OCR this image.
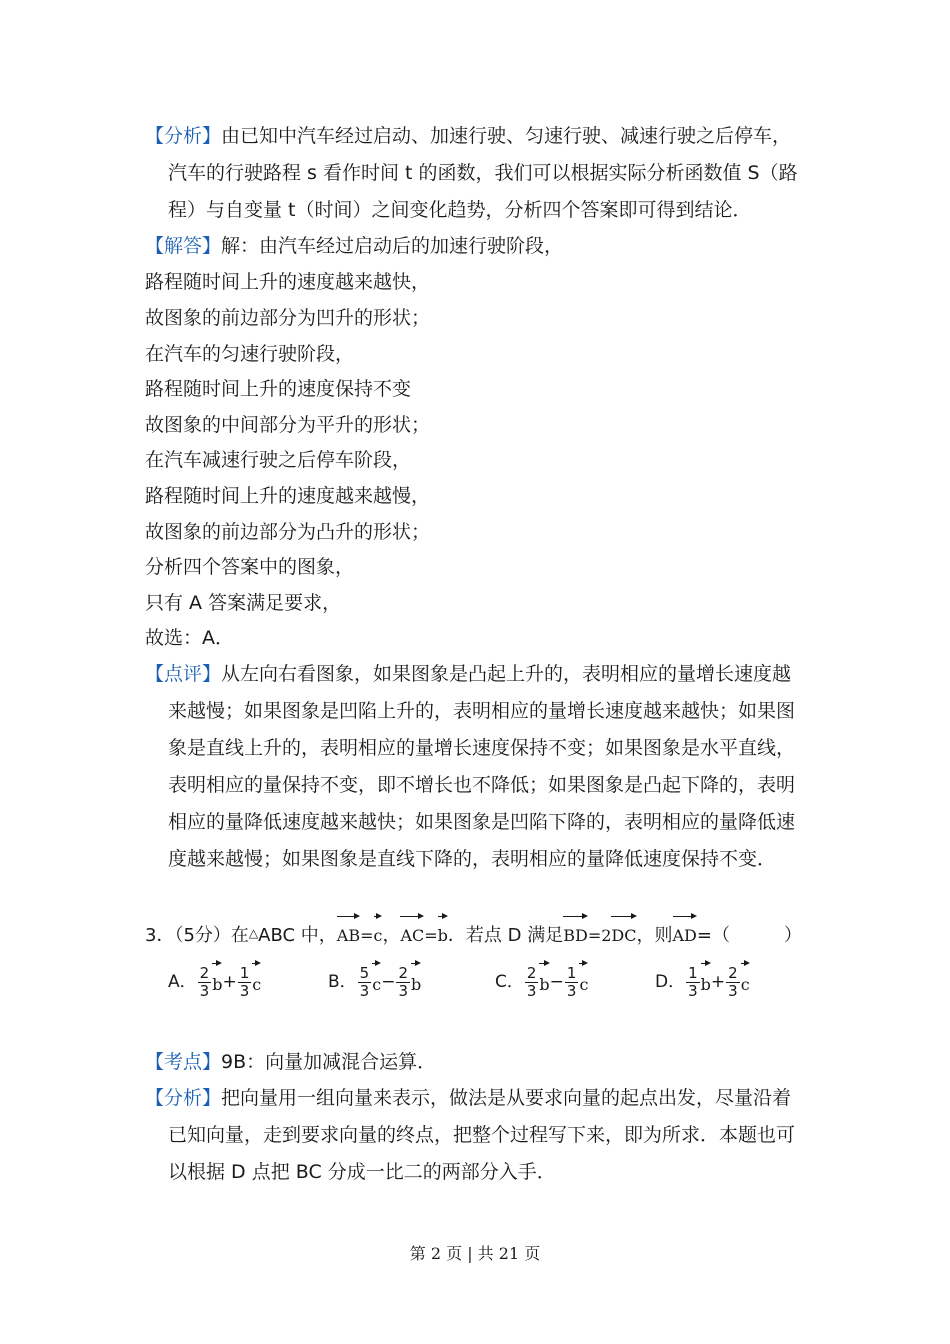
【分析】由已知中汽车经过启动、加速行驶、匀速行驶、减速行驶之后停车，
汽车的行驶路程 s 看作时间 t 的函数，我们可以根据实际分析函数值 S（路
程）与自变量 t（时间）之间变化趋势，分析四个答案即可得到结论．
【解答】解：由汽车经过启动后的加速行驶阶段，
路程随时间上升的速度越来越快，
故图象的前边部分为凹升的形状；
在汽车的匀速行驶阶段，
路程随时间上升的速度保持不变
故图象的中间部分为平升的形状；
在汽车减速行驶之后停车阶段，
路程随时间上升的速度越来越慢，
故图象的前边部分为凸升的形状；
分析四个答案中的图象，
只有 A 答案满足要求，
故选：A．
【点评】从左向右看图象，如果图象是凸起上升的，表明相应的量增长速度越
来越慢；如果图象是凹陷上升的，表明相应的量增长速度越来越快；如果图
象是直线上升的，表明相应的量增长速度保持不变；如果图象是水平直线，
表明相应的量保持不变，即不增长也不降低；如果图象是凸起下降的，表明
相应的量降低速度越来越快；如果图象是凹陷下降的，表明相应的量降低速
度越来越慢；如果图象是直线下降的，表明相应的量降低速度保持不变．
3．（5分）在△ABC 中，AB=c，AC=b．若点 D 满足BD=2DC，则AD=（　　　）
A． $\frac{2}{3}$ $b + \frac{1}{3}$ c	B． $\frac{5}{3}$ $c - \frac{2}{3}$ b	C． $\frac{2}{3}$ $b - \frac{1}{3}$ c	D． $\frac{1}{3}$ $b + \frac{2}{3}$ c
【考点】9B：向量加减混合运算．
【分析】把向量用一组向量来表示，做法是从要求向量的起点出发，尽量沿着
已知向量，走到要求向量的终点，把整个过程写下来，即为所求．本题也可
以根据 D 点把 BC 分成一比二的两部分入手．
第 2 页 | 共 21 页
